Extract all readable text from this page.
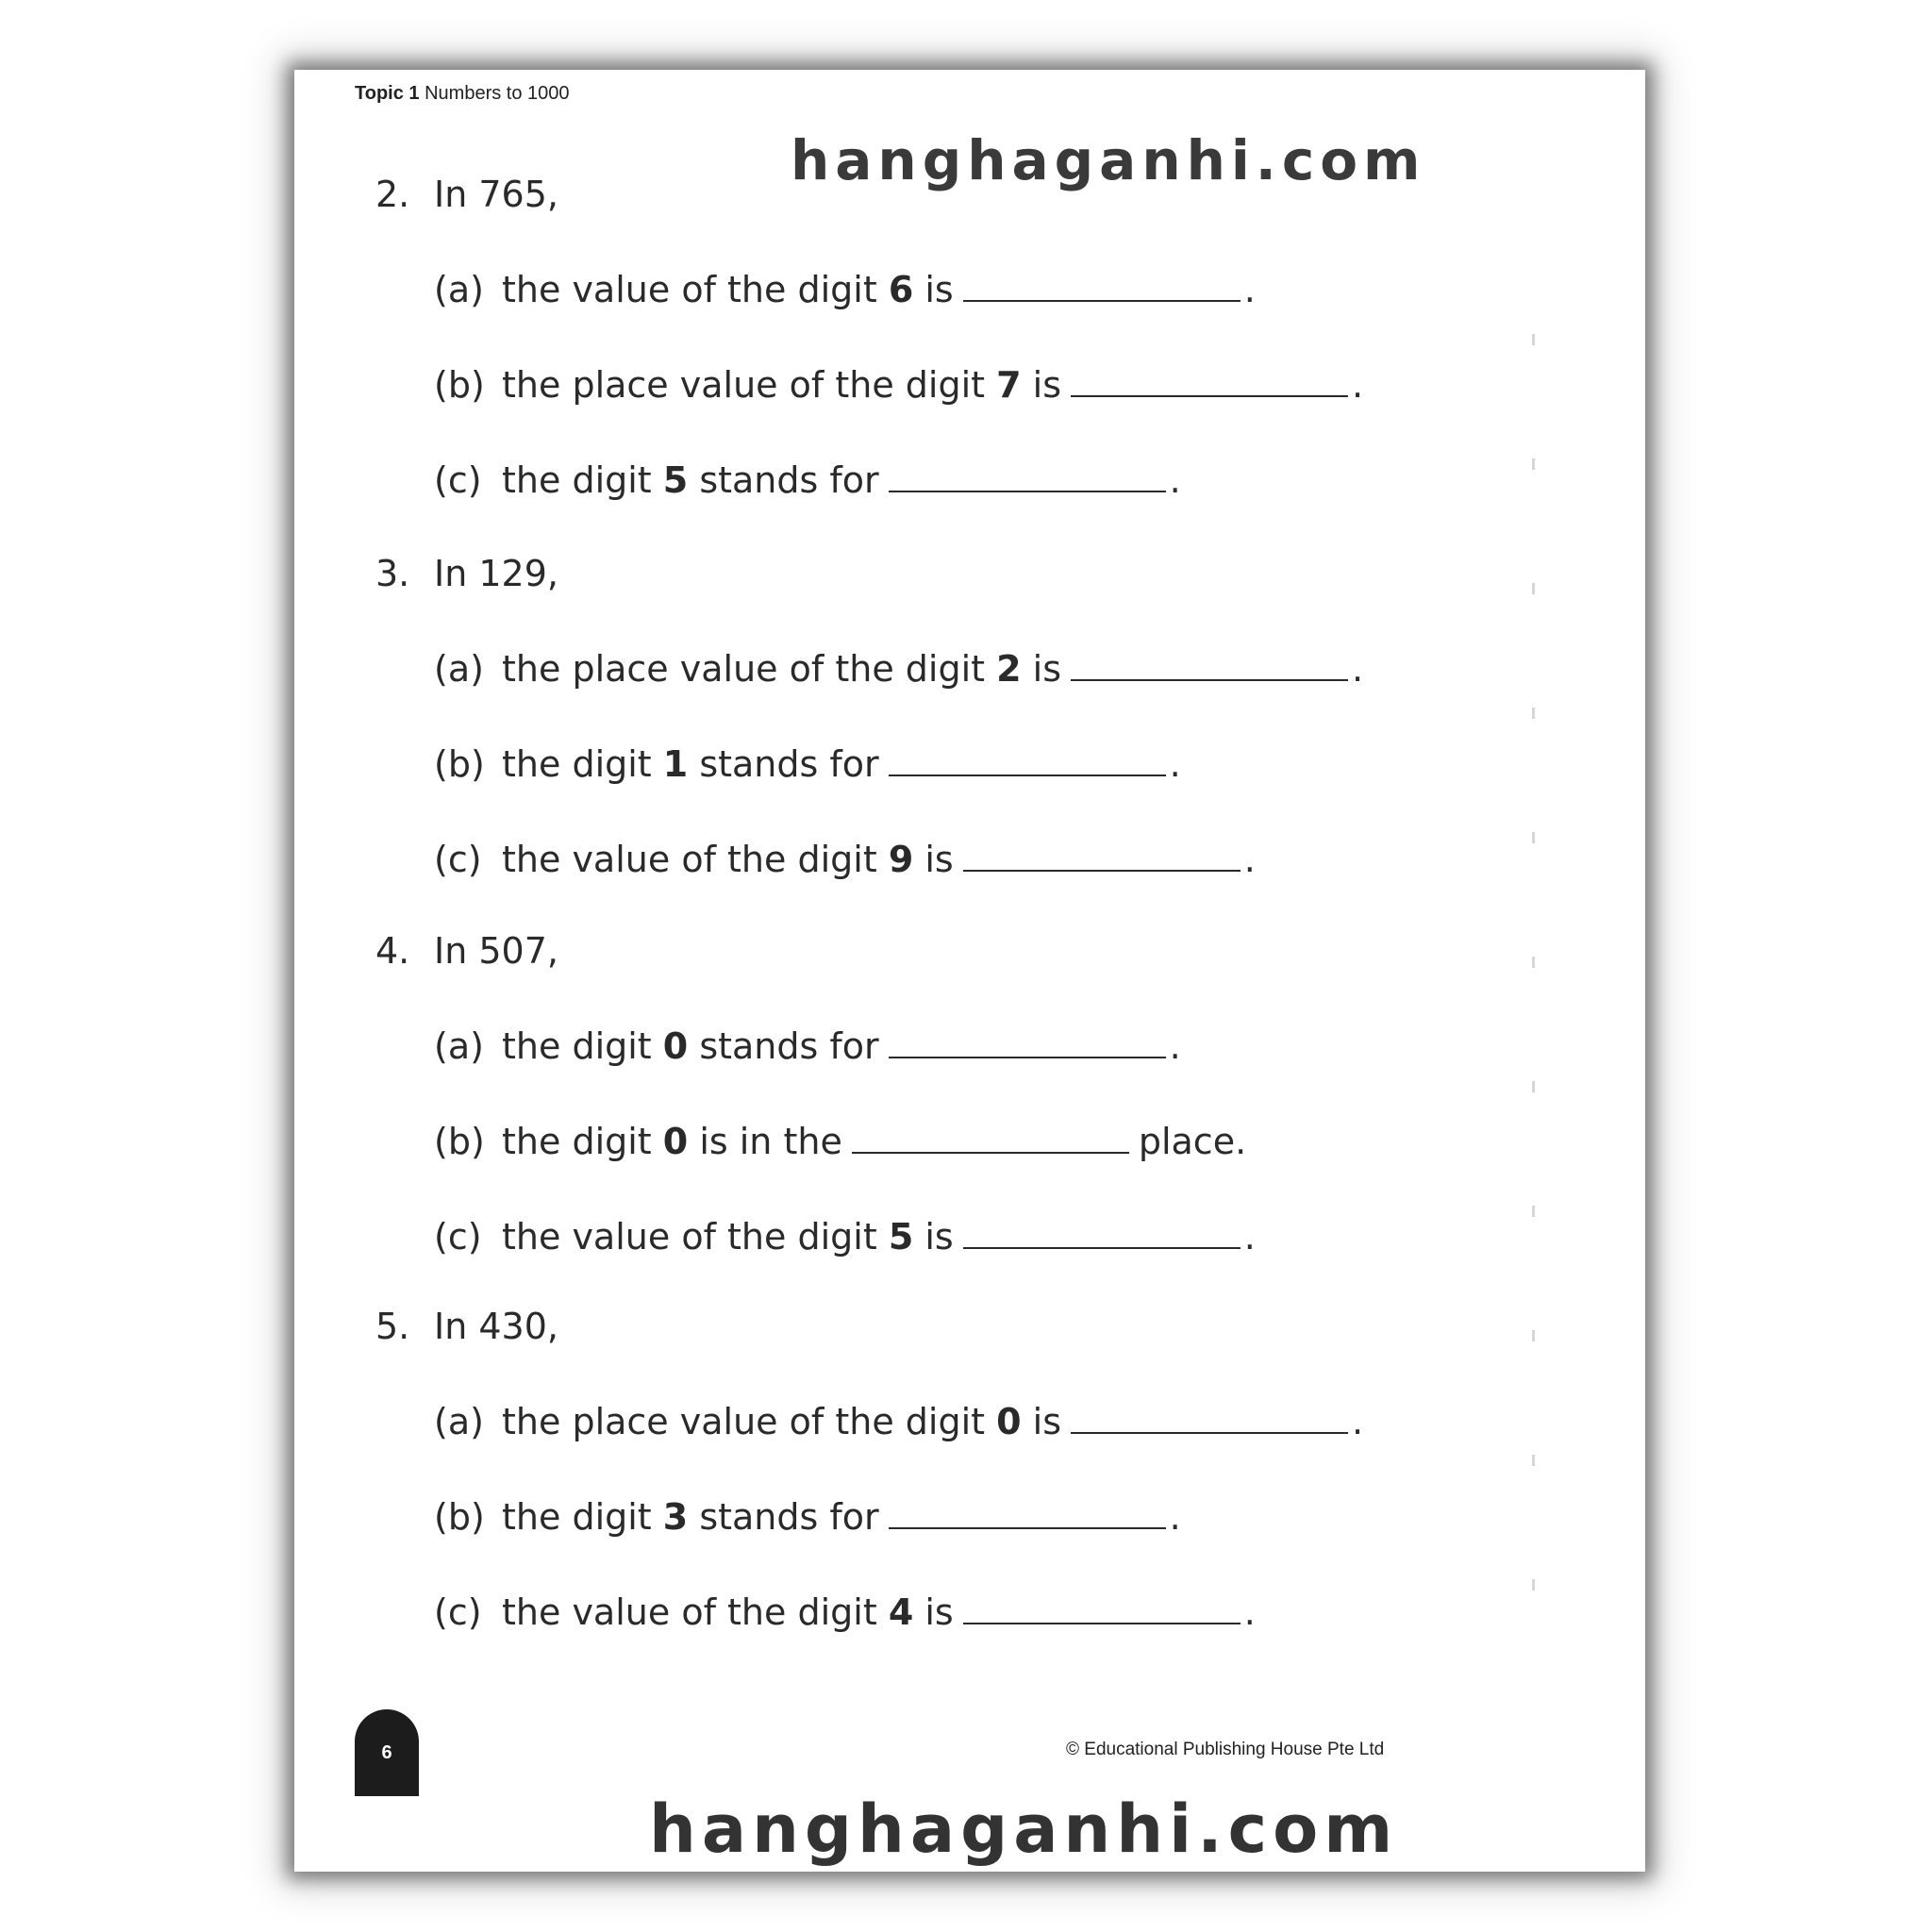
Topic 1 Numbers to 1000
hanghaganhi.com
2. In 765,
(a) the value of the digit 6 is	.
(b) the place value of the digit 7 is	.
(c) the digit 5 stands for	.
3. In 129,
(a) the place value of the digit 2 is	.
(b) the digit 1 stands for	.
(c) the value of the digit 9 is	.
4. In 507,
(a) the digit 0 stands for	.
(b) the digit 0 is in the	place.
(c) the value of the digit 5 is	.
5. In 430,
(a) the place value of the digit 0 is	.
(b) the digit 3 stands for	.
(c) the value of the digit 4 is	.
6	© Educational Publishing House Pte Ltd
hanghaganhi.com
